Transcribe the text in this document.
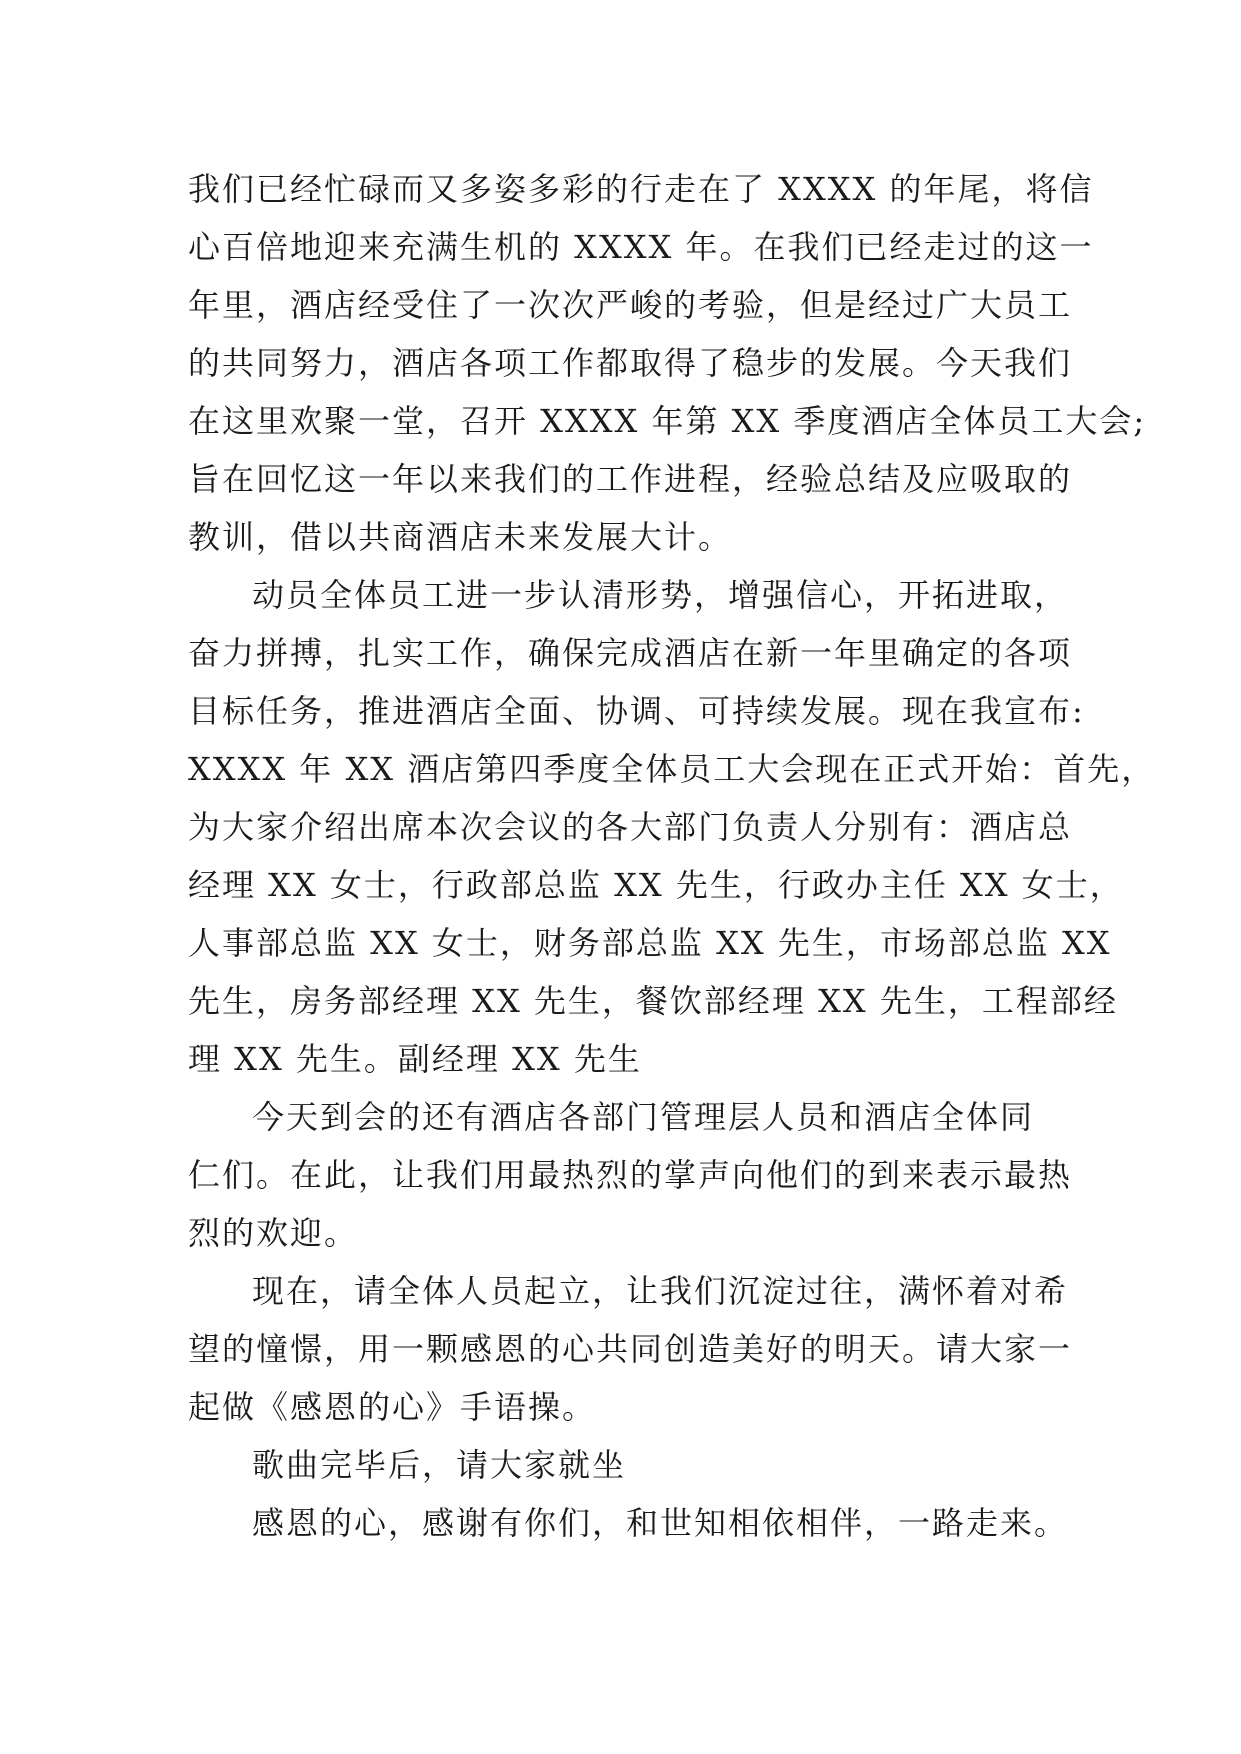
我们已经忙碌而又多姿多彩的行走在了 XXXX 的年尾，将信
心百倍地迎来充满生机的 XXXX 年。在我们已经走过的这一
年里，酒店经受住了一次次严峻的考验，但是经过广大员工
的共同努力，酒店各项工作都取得了稳步的发展。今天我们
在这里欢聚一堂，召开 XXXX 年第 XX 季度酒店全体员工大会;
旨在回忆这一年以来我们的工作进程，经验总结及应吸取的
教训，借以共商酒店未来发展大计。

动员全体员工进一步认清形势，增强信心，开拓进取，
奋力拼搏，扎实工作，确保完成酒店在新一年里确定的各项
目标任务，推进酒店全面、协调、可持续发展。现在我宣布:
XXXX 年 XX 酒店第四季度全体员工大会现在正式开始：首先，
为大家介绍出席本次会议的各大部门负责人分别有：酒店总
经理 XX 女士，行政部总监 XX 先生，行政办主任 XX 女士，
人事部总监 XX 女士，财务部总监 XX 先生，市场部总监 XX
先生，房务部经理 XX 先生，餐饮部经理 XX 先生，工程部经
理 XX 先生。副经理 XX 先生

今天到会的还有酒店各部门管理层人员和酒店全体同
仁们。在此，让我们用最热烈的掌声向他们的到来表示最热
烈的欢迎。

现在，请全体人员起立，让我们沉淀过往，满怀着对希
望的憧憬，用一颗感恩的心共同创造美好的明天。请大家一
起做《感恩的心》手语操。

歌曲完毕后，请大家就坐

感恩的心，感谢有你们，和世知相依相伴，一路走来。
